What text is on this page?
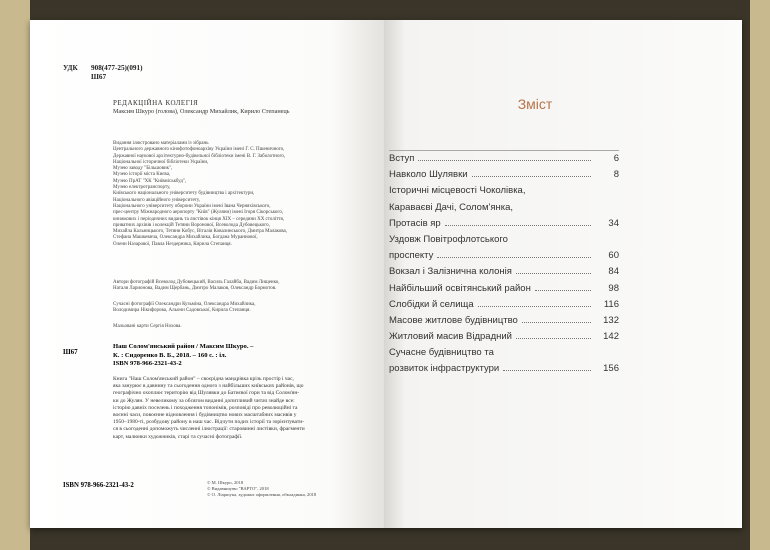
УДК	908(477-25)(091)
Ш67
РЕДАКЦІЙНА КОЛЕГІЯ
Максим Шкуро (голова), Олександр Михайлик, Кирило Степанець
Видання ілюстровано матеріалами із зібрань
Центрального державного кінофотофоноархіву України імені Г. С. Пшеничного,
Державної наукової архітектурно-будівельної бібліотеки імені В. Г. Заболотного,
Національної історичної бібліотеки України,
Музею заводу "Більшовик",
Музею історії міста Києва,
Музею ПрАТ "ХК "Київміськбуд",
Музею електротранспорту,
Київського національного університету будівництва і архітектури,
Національного авіаційного університету,
Національного університету оборони України імені Івана Черняхівського,
прес-центру Міжнародного аеропорту "Київ" (Жуляни) імені Ігоря Сікорського,
книжкових і періодичних видань та листівок кінця XIX – середини XX століття,
приватних архівів і колекцій Тетяни Воронової, Всеволода Дубовецького,
Михайла Кальницького, Тетяни Кобус, Віталія Ковалинського, Дмитра Малакова,
Стефана Машкевича, Олександра Михайлика, Богдана Мураннової,
Олени Назарової, Павла Нездерника, Кирила Степанця.
Автори фотографій Всеволод Дубовецький, Василь Галайба, Вадим Лищенко,
Наталя Ларионова, Вадим Щербань, Дмитро Малаков, Олександр Бормотов.
Сучасні фотографії Олександри Кузьміна, Олександра Михайлика,
Володимира Нікифорова, Альони Садовської, Кирила Степанця.
Мальовані карти Сергія Нохова.
Ш67
Наш Солом'янський район / Максим Шкуро. –
К. : Сидоренко В. Б., 2018. – 160 с. : іл.
ISBN 978-966-2321-43-2
Книга "Наш Солом'янський район" – своєрідна мандрівка крізь простір і час,
яка занурює в давнину та сьогодення одного з найбільших київських районів, що
географічно охоплює територію від Шулявки до Батиєвої гори та від Солом'ян-
ки до Жулян. У невеликому за обсягом виданні допитливий читач знайде все:
історію давніх поселень і походження топонімів, розповіді про революційні та
воєнні часи, повоєнне відновлення і будівництво нових масштабних масивів у
1950–1980-ті, розбудову району в наш час. Відчути подих історії та зорієнтувати-
ся в сьогоденні допоможуть численні ілюстрації: старовинні листівки, фрагменти
карт, малюнки художників, старі та сучасні фотографії.
ISBN 978-966-2321-43-2	© М. Шкуро, 2018
© Видавництво "ВАРТО", 2018
© О. Ліаршука, художнє оформлення, обкладинка, 2018
Зміст
Вступ	6
Навколо Шулявки	8
Історичні місцевості Чоколівка,
Караваєві Дачі, Солом'янка,
Протасів яр	34
Уздовж Повітрофлотського
проспекту	60
Вокзал і Залізнична колонія	84
Найбільший освітянський район	98
Слобідки й селища	116
Масове житлове будівництво	132
Житловий масив Відрадний	142
Сучасне будівництво та
розвиток інфраструктури	156
